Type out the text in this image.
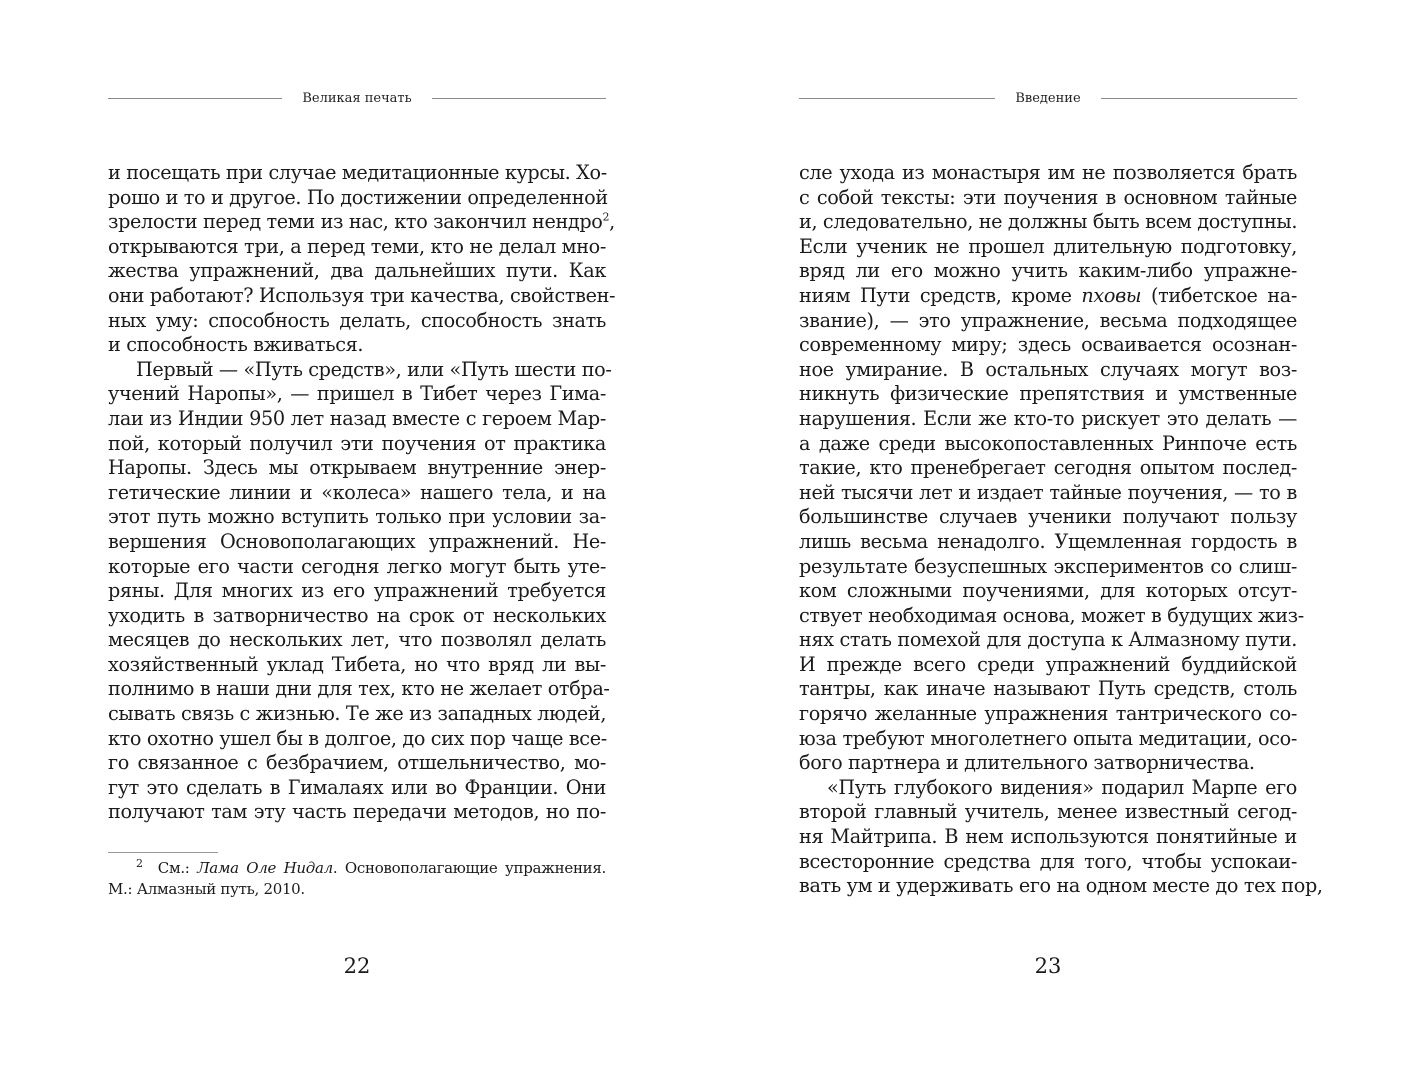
Великая печать
и посещать при случае медитационные курсы. Хо-
рошо и то и другое. По достижении определенной
зрелости перед теми из нас, кто закончил нендро$^2$,
открываются три, а перед теми, кто не делал мно-
жества упражнений, два дальнейших пути. Как
они работают? Используя три качества, свойствен-
ных уму: способность делать, способность знать
и способность вживаться.
Первый — «Путь средств», или «Путь шести по-
учений Наропы», — пришел в Тибет через Гима-
лаи из Индии 950 лет назад вместе с героем Мар-
пой, который получил эти поучения от практика
Наропы. Здесь мы открываем внутренние энер-
гетические линии и «колеса» нашего тела, и на
этот путь можно вступить только при условии за-
вершения Основополагающих упражнений. Не-
которые его части сегодня легко могут быть уте-
ряны. Для многих из его упражнений требуется
уходить в затворничество на срок от нескольких
месяцев до нескольких лет, что позволял делать
хозяйственный уклад Тибета, но что вряд ли вы-
полнимо в наши дни для тех, кто не желает отбра-
сывать связь с жизнью. Те же из западных людей,
кто охотно ушел бы в долгое, до сих пор чаще все-
го связанное с безбрачием, отшельничество, мо-
гут это сделать в Гималаях или во Франции. Они
получают там эту часть передачи методов, но по-
$^2$ См.: Лама Оле Нидал. Основополагающие упражнения.
М.: Алмазный путь, 2010.
22
Введение
сле ухода из монастыря им не позволяется брать
с собой тексты: эти поучения в основном тайные
и, следовательно, не должны быть всем доступны.
Если ученик не прошел длительную подготовку,
вряд ли его можно учить каким-либо упражне-
ниям Пути средств, кроме пховы (тибетское на-
звание), — это упражнение, весьма подходящее
современному миру; здесь осваивается осознан-
ное умирание. В остальных случаях могут воз-
никнуть физические препятствия и умственные
нарушения. Если же кто-то рискует это делать —
а даже среди высокопоставленных Ринпоче есть
такие, кто пренебрегает сегодня опытом послед-
ней тысячи лет и издает тайные поучения, — то в
большинстве случаев ученики получают пользу
лишь весьма ненадолго. Ущемленная гордость в
результате безуспешных экспериментов со слиш-
ком сложными поучениями, для которых отсут-
ствует необходимая основа, может в будущих жиз-
нях стать помехой для доступа к Алмазному пути.
И прежде всего среди упражнений буддийской
тантры, как иначе называют Путь средств, столь
горячо желанные упражнения тантрического со-
юза требуют многолетнего опыта медитации, осо-
бого партнера и длительного затворничества.
«Путь глубокого видения» подарил Марпе его
второй главный учитель, менее известный сегод-
ня Майтрипа. В нем используются понятийные и
всесторонние средства для того, чтобы успокаи-
вать ум и удерживать его на одном месте до тех пор,
23
